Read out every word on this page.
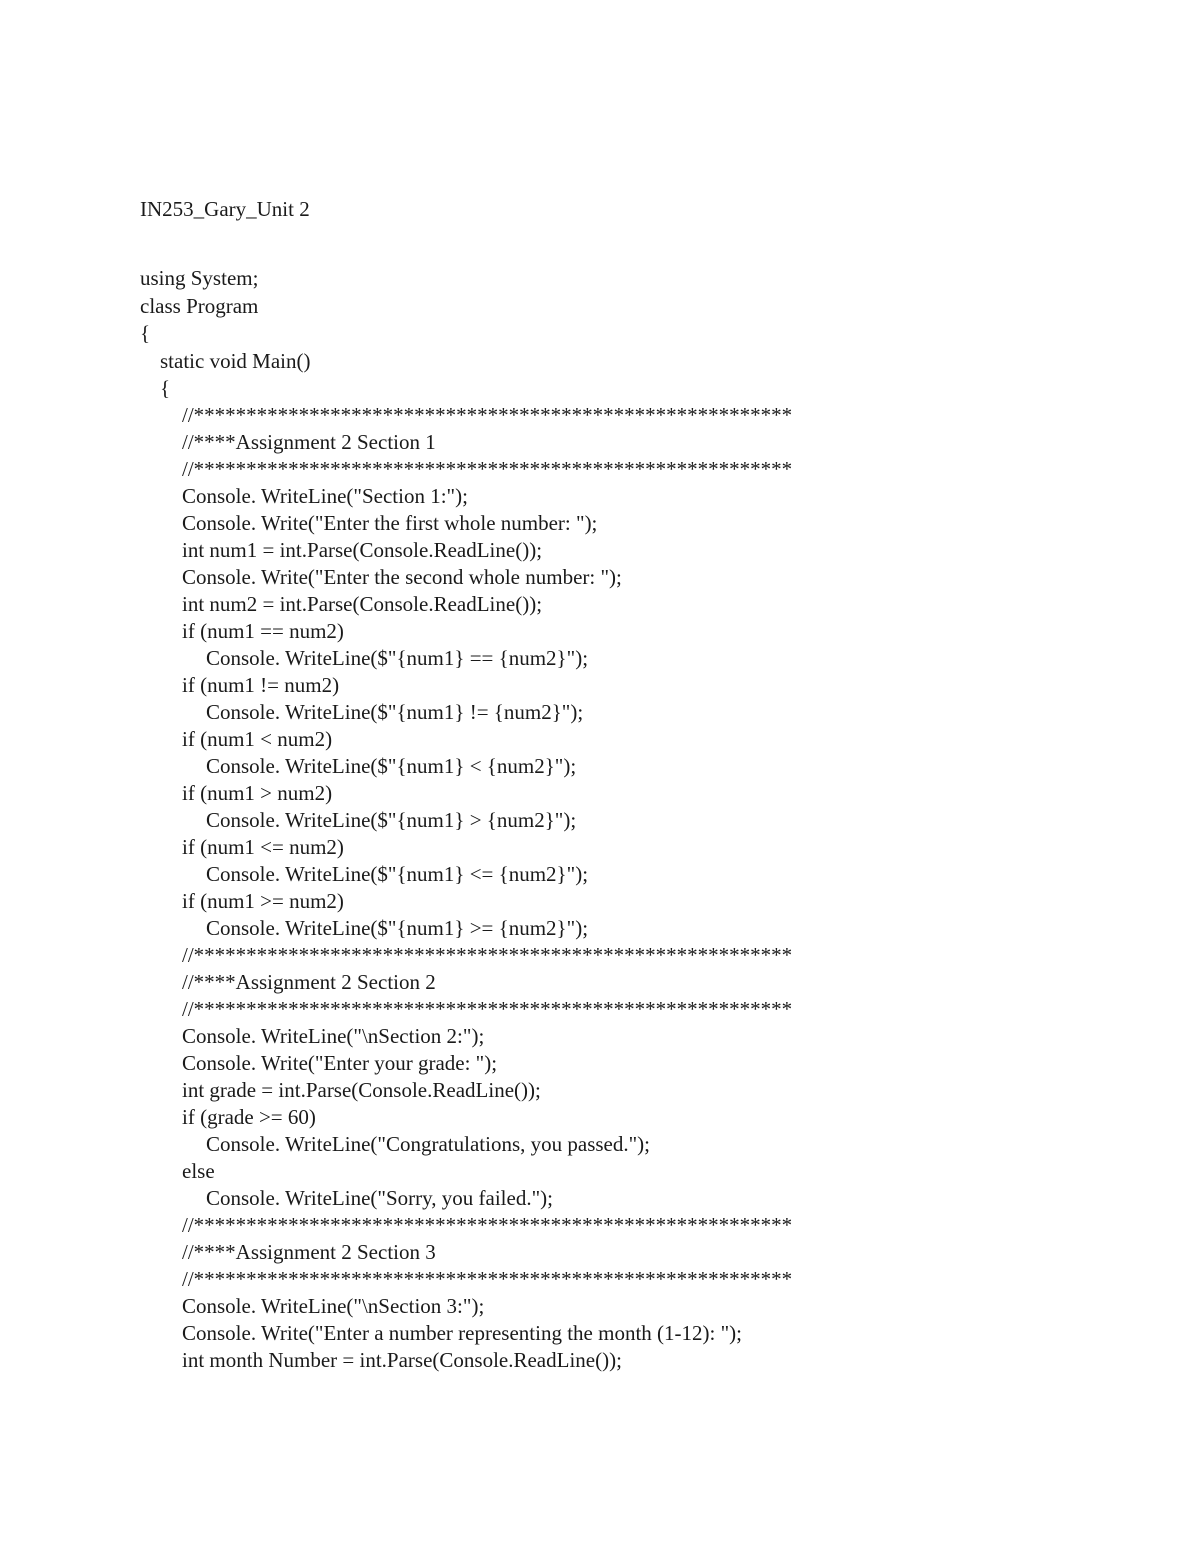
IN253_Gary_Unit 2
using System;
class Program
{
static void Main()
{
//*********************************************************
//****Assignment 2 Section 1
//*********************************************************
Console. WriteLine("Section 1:");
Console. Write("Enter the first whole number: ");
int num1 = int.Parse(Console.ReadLine());
Console. Write("Enter the second whole number: ");
int num2 = int.Parse(Console.ReadLine());
if (num1 == num2)
Console. WriteLine($"{num1} == {num2}");
if (num1 != num2)
Console. WriteLine($"{num1} != {num2}");
if (num1 < num2)
Console. WriteLine($"{num1} < {num2}");
if (num1 > num2)
Console. WriteLine($"{num1} > {num2}");
if (num1 <= num2)
Console. WriteLine($"{num1} <= {num2}");
if (num1 >= num2)
Console. WriteLine($"{num1} >= {num2}");
//*********************************************************
//****Assignment 2 Section 2
//*********************************************************
Console. WriteLine("\nSection 2:");
Console. Write("Enter your grade: ");
int grade = int.Parse(Console.ReadLine());
if (grade >= 60)
Console. WriteLine("Congratulations, you passed.");
else
Console. WriteLine("Sorry, you failed.");
//*********************************************************
//****Assignment 2 Section 3
//*********************************************************
Console. WriteLine("\nSection 3:");
Console. Write("Enter a number representing the month (1-12): ");
int month Number = int.Parse(Console.ReadLine());
